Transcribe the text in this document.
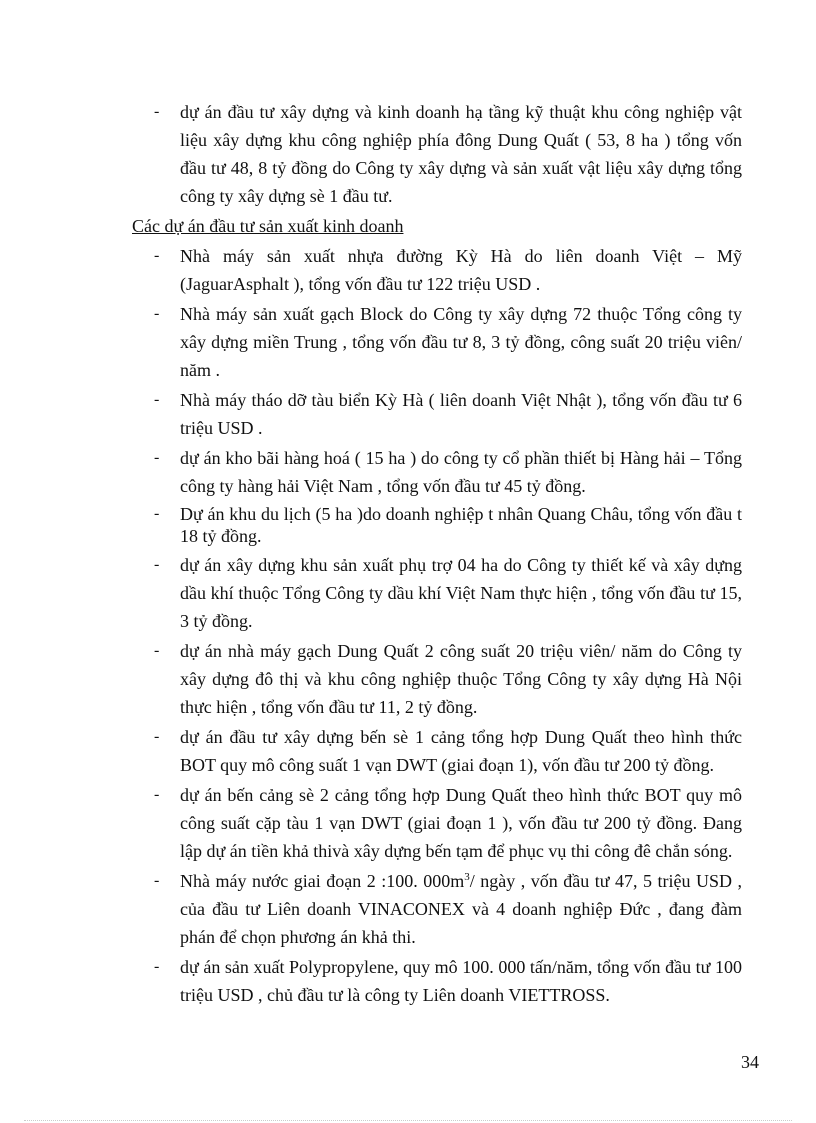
-	dự án đầu tư xây dựng và kinh doanh hạ tầng kỹ thuật khu công nghiệp vật liệu xây dựng khu công nghiệp phía đông Dung Quất ( 53, 8 ha ) tổng vốn đầu tư 48, 8 tỷ đồng do Công ty xây dựng và sản xuất vật liệu xây dựng tổng công ty xây dựng sè 1 đầu tư.
Các dự án đầu tư sản xuất kinh doanh
-	Nhà máy sản xuất nhựa đường Kỳ Hà do liên doanh Việt – Mỹ (JaguarAsphalt ), tổng vốn đầu tư 122 triệu USD .
-	Nhà máy sản xuất gạch Block do Công ty xây dựng 72 thuộc Tổng công ty xây dựng miền Trung , tổng vốn đầu tư 8, 3 tỷ đồng, công suất 20 triệu viên/ năm .
-	Nhà máy tháo dỡ tàu biển Kỳ Hà ( liên doanh Việt Nhật ), tổng vốn đầu tư 6 triệu USD .
-	dự án kho bãi hàng hoá ( 15 ha ) do công ty cổ phần thiết bị Hàng hải – Tổng công ty hàng hải Việt Nam , tổng vốn đầu tư 45 tỷ đồng.
-	Dự án khu du lịch (5 ha )do doanh nghiệp t nhân Quang Châu, tổng vốn đầu t 18 tỷ đồng.
-	dự án xây dựng khu sản xuất phụ trợ 04 ha do Công ty thiết kế và xây dựng dầu khí thuộc Tổng Công ty dầu khí Việt Nam thực hiện , tổng vốn đầu tư 15, 3 tỷ đồng.
-	dự án nhà máy gạch Dung Quất 2 công suất 20 triệu viên/ năm do Công ty xây dựng đô thị và khu công nghiệp thuộc Tổng Công ty xây dựng Hà Nội thực hiện , tổng vốn đầu tư 11, 2 tỷ đồng.
-	dự án đầu tư xây dựng bến sè 1 cảng tổng hợp Dung Quất theo hình thức BOT quy mô công suất 1 vạn DWT (giai đoạn 1), vốn đầu tư 200 tỷ đồng.
-	dự án bến cảng sè 2 cảng tổng hợp Dung Quất theo hình thức BOT quy mô công suất cặp tàu 1 vạn DWT (giai đoạn 1 ), vốn đầu tư 200 tỷ đồng. Đang lập dự án tiền khả thivà xây dựng bến tạm để phục vụ thi công đê chắn sóng.
-	Nhà máy nước giai đoạn 2 :100. $000m^3/$ ngày , vốn đầu tư 47, 5 triệu USD , của đầu tư Liên doanh VINACONEX và 4 doanh nghiệp Đức , đang đàm phán để chọn phương án khả thi.
-	dự án sản xuất Polypropylene, quy mô 100. 000 tấn/năm, tổng vốn đầu tư 100 triệu USD , chủ đầu tư là công ty Liên doanh VIETTROSS.
34
